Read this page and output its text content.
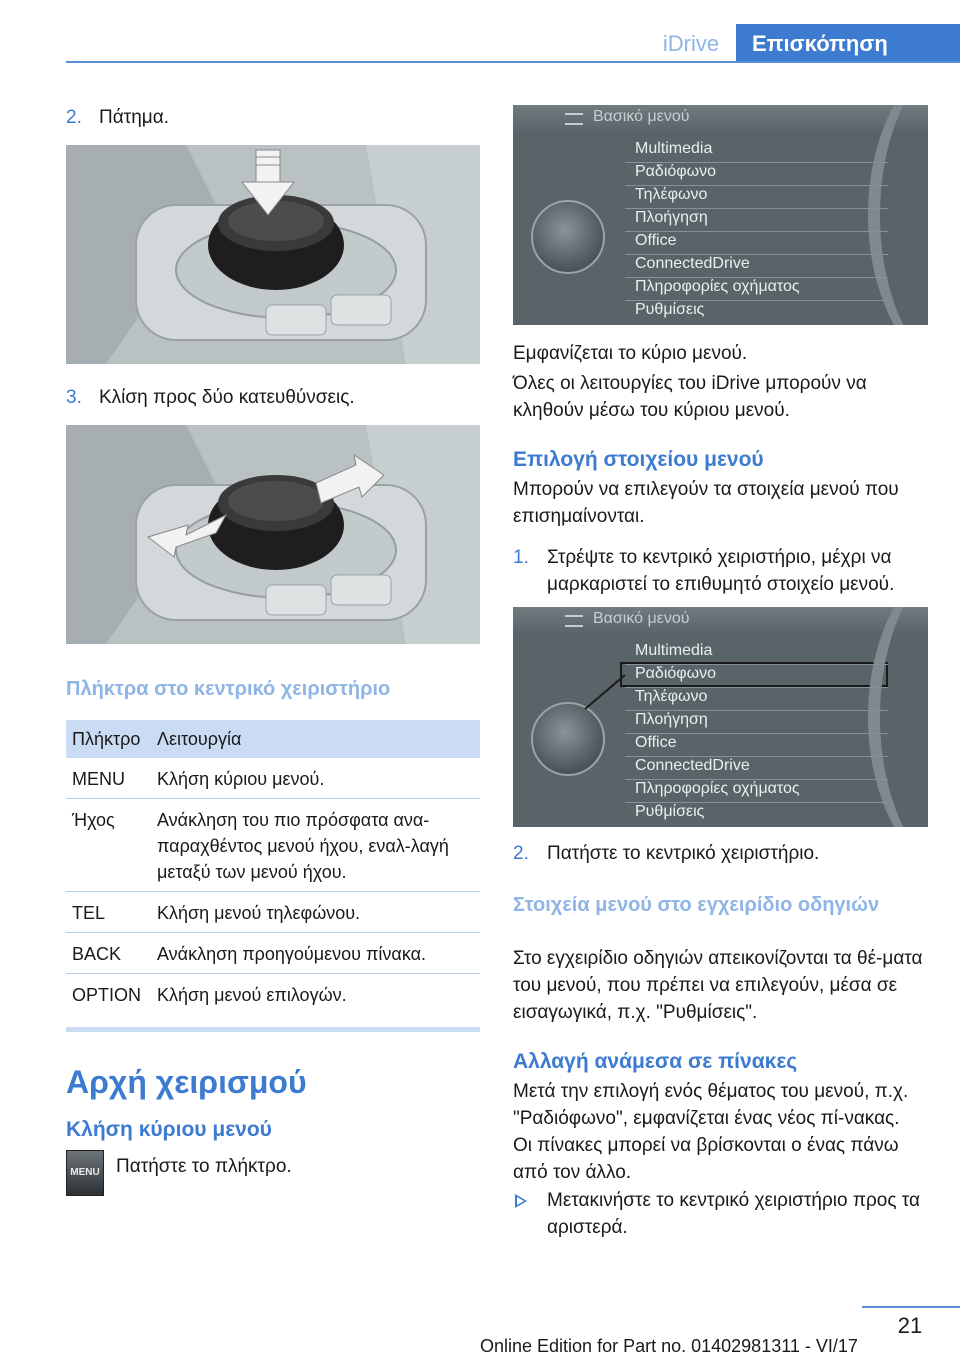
iDrive	Επισκόπηση
2. Πάτημα.
3. Κλίση προς δύο κατευθύνσεις.
Πλήκτρα στο κεντρικό χειριστήριο
Πλήκτρο Λειτουργία
MENU Κλήση κύριου μενού.
Ήχος Ανάκληση του πιο πρόσφατα ανα-παραχθέντος μενού ήχου, εναλ-λαγή μεταξύ των μενού ήχου.
TEL	Κλήση μενού τηλεφώνου.
BACK Ανάκληση προηγούμενου πίνακα.
OPTION Κλήση μενού επιλογών.
Αρχή χειρισμού
Κλήση κύριου μενού
MENU Πατήστε το πλήκτρο.
Βασικό μενού
Multimedia
Ραδιόφωνο
Τηλέφωνο
Πλοήγηση
Office
ConnectedDrive
Πληροφορίες οχήματος
Ρυθμίσεις
Εμφανίζεται το κύριο μενού.
Όλες οι λειτουργίες του iDrive μπορούν να κληθούν μέσω του κύριου μενού.
Επιλογή στοιχείου μενού
Μπορούν να επιλεγούν τα στοιχεία μενού που επισημαίνονται.
1. Στρέψτε το κεντρικό χειριστήριο, μέχρι να μαρκαριστεί το επιθυμητό στοιχείο μενού.
Βασικό μενού
Multimedia
Ραδιόφωνο
Τηλέφωνο
Πλοήγηση
Office
ConnectedDrive
Πληροφορίες οχήματος
Ρυθμίσεις
2. Πατήστε το κεντρικό χειριστήριο.
Στοιχεία μενού στο εγχειρίδιο οδηγιών
Στο εγχειρίδιο οδηγιών απεικονίζονται τα θέ-ματα του μενού, που πρέπει να επιλεγούν, μέσα σε εισαγωγικά, π.χ. "Ρυθμίσεις".
Αλλαγή ανάμεσα σε πίνακες
Μετά την επιλογή ενός θέματος του μενού, π.χ. "Ραδιόφωνο", εμφανίζεται ένας νέος πί-νακας. Οι πίνακες μπορεί να βρίσκονται ο ένας πάνω από τον άλλο.
Μετακινήστε το κεντρικό χειριστήριο προς τα αριστερά.
21
Online Edition for Part no. 01402981311 - VI/17
